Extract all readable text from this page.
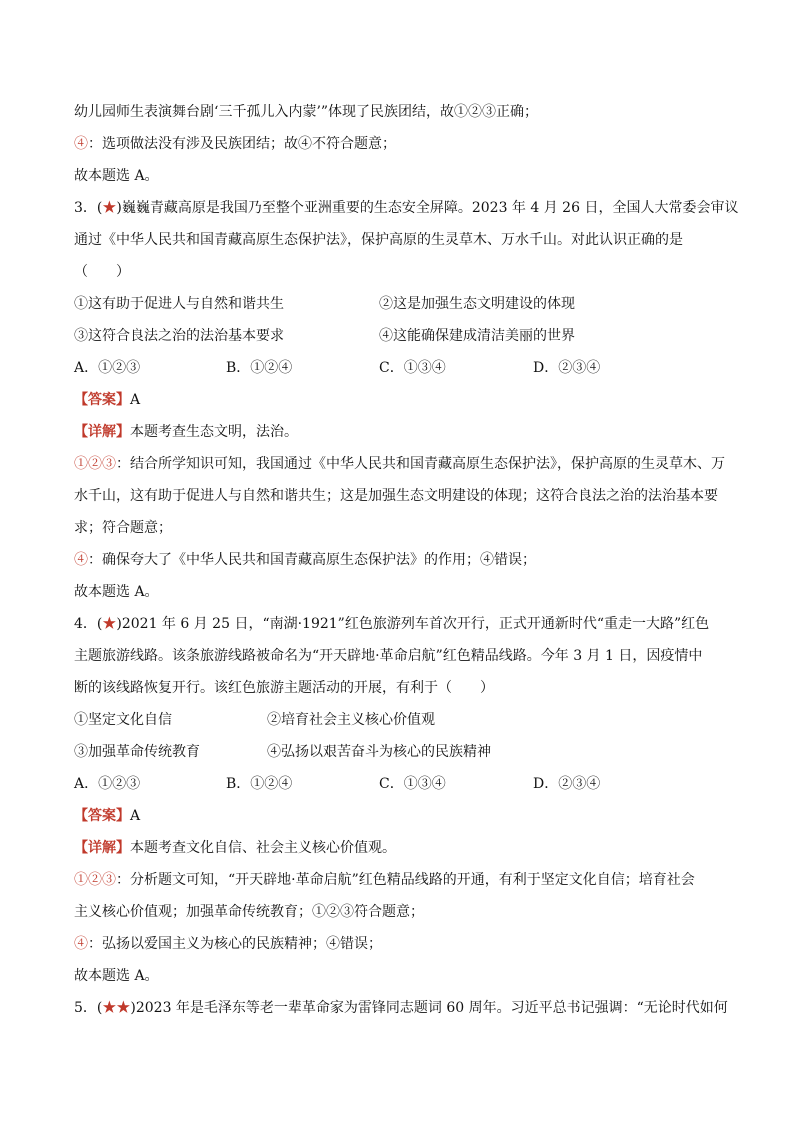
幼儿园师生表演舞台剧‘三千孤儿入内蒙’”体现了民族团结，故①②③正确；
④：选项做法没有涉及民族团结；故④不符合题意；
故本题选 A。
3．(★)巍巍青藏高原是我国乃至整个亚洲重要的生态安全屏障。2023 年 4 月 26 日，全国人大常委会审议
通过《中华人民共和国青藏高原生态保护法》，保护高原的生灵草木、万水千山。对此认识正确的是
（　　）
①这有助于促进人与自然和谐共生	②这是加强生态文明建设的体现
③这符合良法之治的法治基本要求	④这能确保建成清洁美丽的世界
A．①②③	B．①②④	C．①③④	D．②③④
【答案】A
【详解】本题考查生态文明，法治。
①②③：结合所学知识可知，我国通过《中华人民共和国青藏高原生态保护法》，保护高原的生灵草木、万
水千山，这有助于促进人与自然和谐共生；这是加强生态文明建设的体现；这符合良法之治的法治基本要
求；符合题意；
④：确保夸大了《中华人民共和国青藏高原生态保护法》的作用；④错误；
故本题选 A。
4．(★)2021 年 6 月 25 日，“南湖·1921”红色旅游列车首次开行，正式开通新时代“重走一大路”红色
主题旅游线路。该条旅游线路被命名为“开天辟地·革命启航”红色精品线路。今年 3 月 1 日，因疫情中
断的该线路恢复开行。该红色旅游主题活动的开展，有利于（　　）
①坚定文化自信	②培育社会主义核心价值观
③加强革命传统教育	④弘扬以艰苦奋斗为核心的民族精神
A．①②③	B．①②④	C．①③④	D．②③④
【答案】A
【详解】本题考查文化自信、社会主义核心价值观。
①②③：分析题文可知，“开天辟地·革命启航”红色精品线路的开通，有利于坚定文化自信；培育社会
主义核心价值观；加强革命传统教育；①②③符合题意；
④：弘扬以爱国主义为核心的民族精神；④错误；
故本题选 A。
5．(★★)2023 年是毛泽东等老一辈革命家为雷锋同志题词 60 周年。习近平总书记强调：“无论时代如何
